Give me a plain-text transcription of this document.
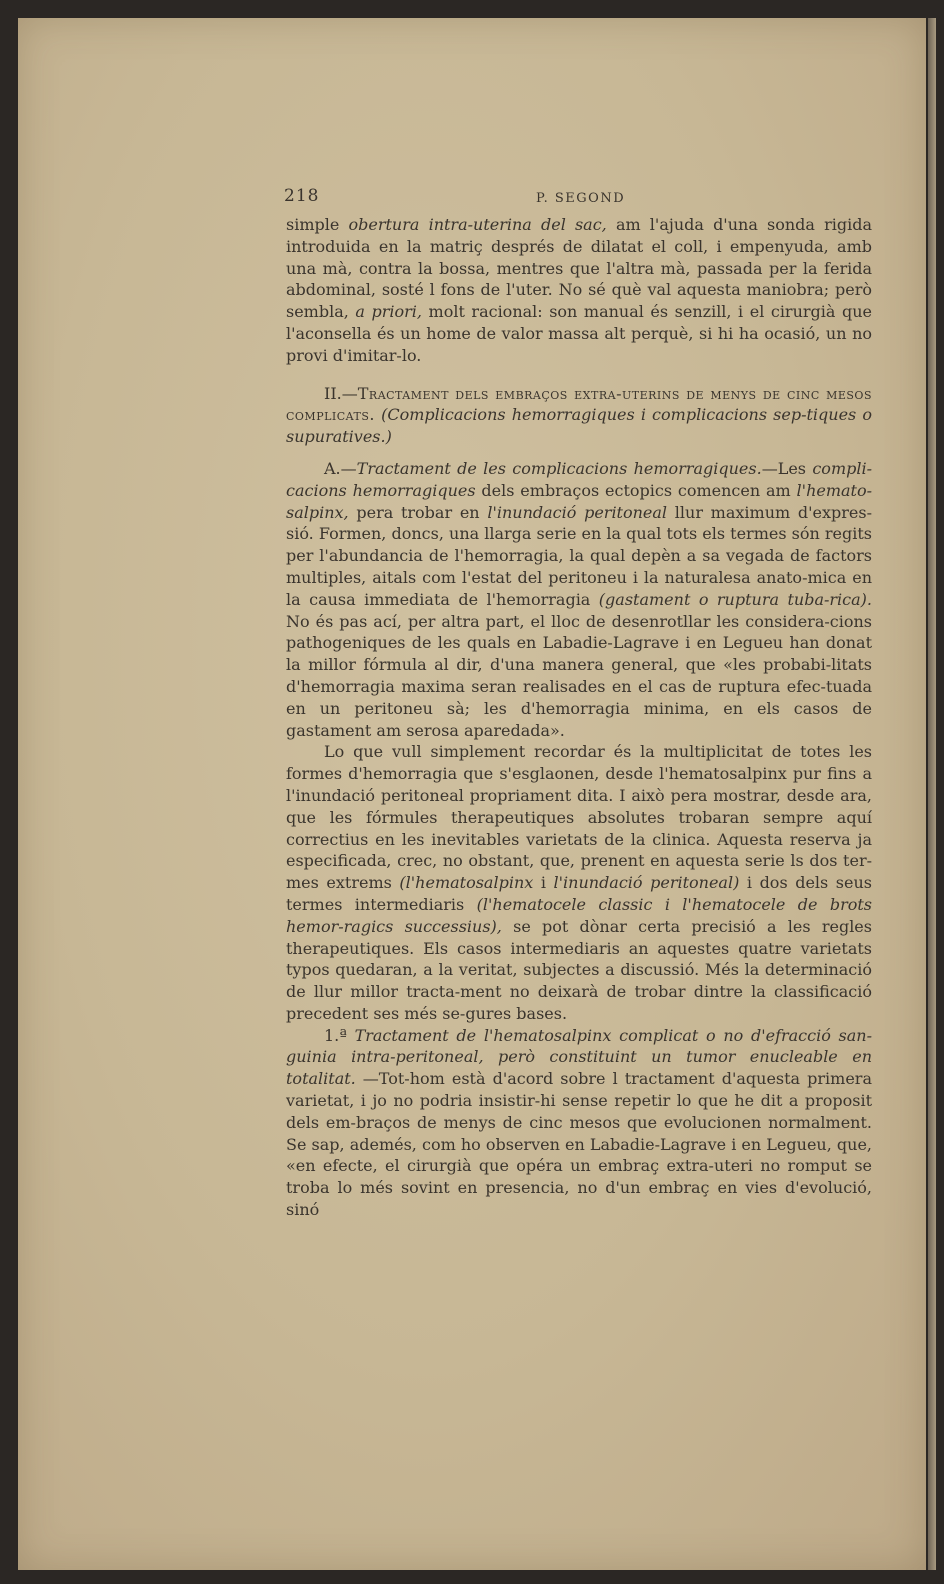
218	P. SEGOND

simple obertura intra-uterina del sac, am l'ajuda d'una sonda rigida introduida en la matriç després de dilatat el coll, i empenyuda, amb una mà, contra la bossa, mentres que l'altra mà, passada per la ferida abdominal, sosté l fons de l'uter. No sé què val aquesta maniobra; però sembla, a priori, molt racional: son manual és senzill, i el cirurgià que l'aconsella és un home de valor massa alt perquè, si hi ha ocasió, un no provi d'imitar-lo.

II.—Tractament dels embraços extra-uterins de menys de cinc mesos complicats. (Complicacions hemorragiques i complicacions sep-tiques o supuratives.)

A.—Tractament de les complicacions hemorragiques.—Les compli-cacions hemorragiques dels embraços ectopics comencen am l'hemato-salpinx, pera trobar en l'inundació peritoneal llur maximum d'expres-sió. Formen, doncs, una llarga serie en la qual tots els termes són regits per l'abundancia de l'hemorragia, la qual depèn a sa vegada de factors multiples, aitals com l'estat del peritoneu i la naturalesa anato-mica en la causa immediata de l'hemorragia (gastament o ruptura tuba-rica). No és pas ací, per altra part, el lloc de desenrotllar les considera-cions pathogeniques de les quals en Labadie-Lagrave i en Legueu han donat la millor fórmula al dir, d'una manera general, que «les probabi-litats d'hemorragia maxima seran realisades en el cas de ruptura efec-tuada en un peritoneu sà; les d'hemorragia minima, en els casos de gastament am serosa aparedada».

Lo que vull simplement recordar és la multiplicitat de totes les formes d'hemorragia que s'esglaonen, desde l'hematosalpinx pur fins a l'inundació peritoneal propriament dita. I això pera mostrar, desde ara, que les fórmules therapeutiques absolutes trobaran sempre aquí correctius en les inevitables varietats de la clinica. Aquesta reserva ja especificada, crec, no obstant, que, prenent en aquesta serie ls dos ter-mes extrems (l'hematosalpinx i l'inundació peritoneal) i dos dels seus termes intermediaris (l'hematocele classic i l'hematocele de brots hemor-ragics successius), se pot dònar certa precisió a les regles therapeutiques. Els casos intermediaris an aquestes quatre varietats typos quedaran, a la veritat, subjectes a discussió. Més la determinació de llur millor tracta-ment no deixarà de trobar dintre la classificació precedent ses més se-gures bases.

1.ª Tractament de l'hematosalpinx complicat o no d'efracció san-guinia intra-peritoneal, però constituint un tumor enucleable en totalitat. —Tot-hom està d'acord sobre l tractament d'aquesta primera varietat, i jo no podria insistir-hi sense repetir lo que he dit a proposit dels em-braços de menys de cinc mesos que evolucionen normalment. Se sap, ademés, com ho observen en Labadie-Lagrave i en Legueu, que, «en efecte, el cirurgià que opéra un embraç extra-uteri no romput se troba lo més sovint en presencia, no d'un embraç en vies d'evolució, sinó
